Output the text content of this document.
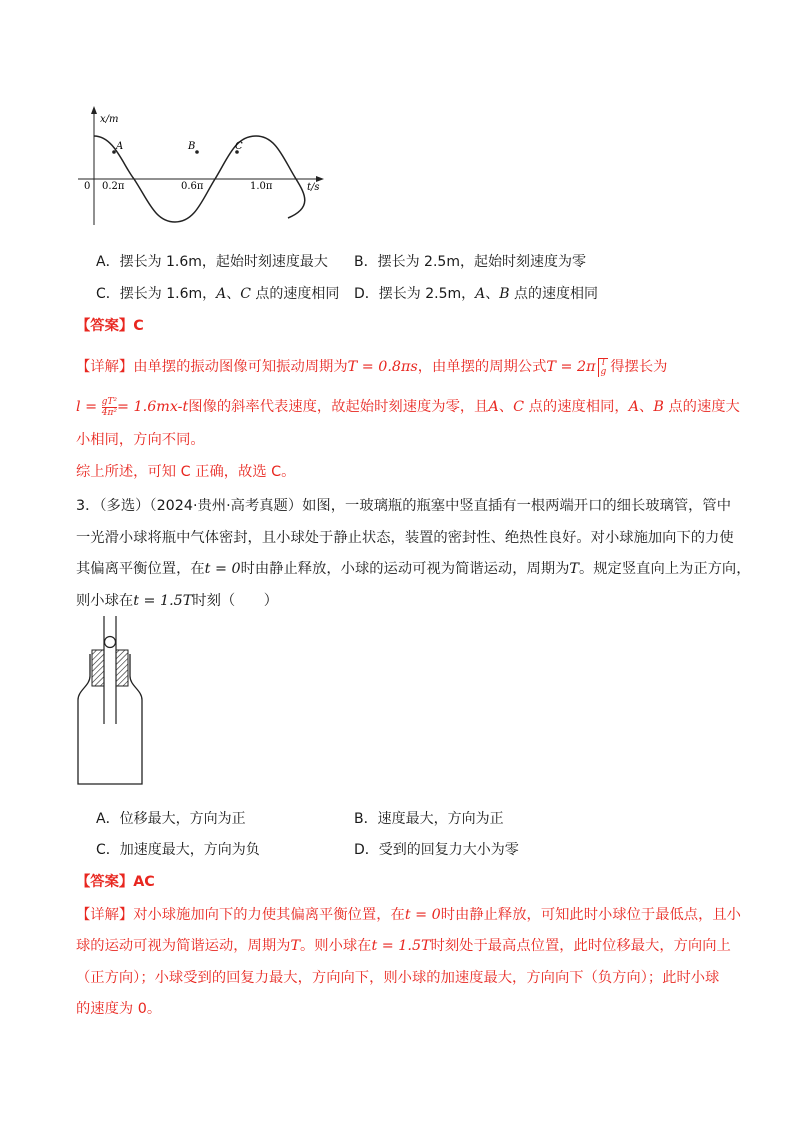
x/m
t/s
0 0.2π	0.6π	1.0π
A	B	C
A．摆长为 1.6m，起始时刻速度最大 B．摆长为 2.5m，起始时刻速度为零
C．摆长为 1.6m，A、C 点的速度相同 D．摆长为 2.5m，A、B 点的速度相同
【答案】C
【详解】由单摆的振动图像可知振动周期为T = 0.8πs，由单摆的周期公式T = 2π l
g 得摆长为
$l = \frac{\text{gT²}}{\text{4π²}} = 1.6mx-t$图像的斜率代表速度，故起始时刻速度为零，且A、C 点的速度相同，A、B 点的速度大
小相同，方向不同。
综上所述，可知 C 正确，故选 C。
3．（多选）（2024·贵州·高考真题）如图，一玻璃瓶的瓶塞中竖直插有一根两端开口的细长玻璃管，管中
一光滑小球将瓶中气体密封，且小球处于静止状态，装置的密封性、绝热性良好。对小球施加向下的力使
其偏离平衡位置，在t = 0时由静止释放，小球的运动可视为简谐运动，周期为T。规定竖直向上为正方向，
则小球在t = 1.5T时刻（　　）
A．位移最大，方向为正	B．速度最大，方向为正
C．加速度最大，方向为负	D．受到的回复力大小为零
【答案】AC
【详解】对小球施加向下的力使其偏离平衡位置，在t = 0时由静止释放，可知此时小球位于最低点，且小
球的运动可视为简谐运动，周期为T。则小球在t = 1.5T时刻处于最高点位置，此时位移最大，方向向上
（正方向）；小球受到的回复力最大，方向向下，则小球的加速度最大，方向向下（负方向）；此时小球
的速度为 0。
